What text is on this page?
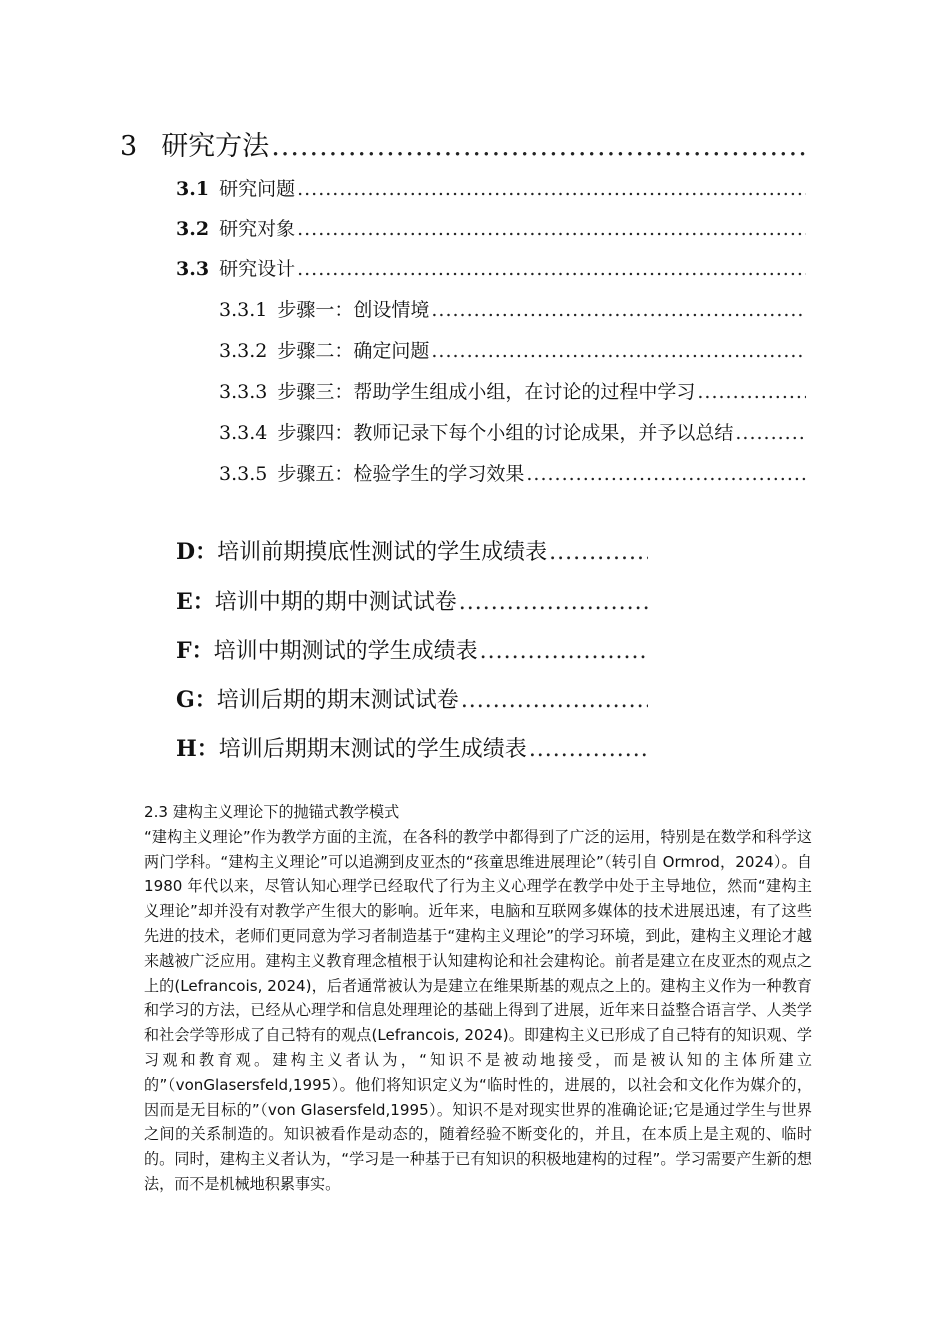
3 研究方法
.....
3.1 研究问题
.....
3.2 研究对象
.....
3.3 研究设计
.....
3.3.1 步骤一：创设情境
.....
3.3.2 步骤二：确定问题
.....
3.3.3 步骤三：帮助学生组成小组，在讨论的过程中学习
.....
3.3.4 步骤四：教师记录下每个小组的讨论成果，并予以总结
.....
3.3.5 步骤五：检验学生的学习效果
.....
D： 培训前期摸底性测试的学生成绩表
.....
E： 培训中期的期中测试试卷
.....
F： 培训中期测试的学生成绩表
.....
G： 培训后期的期末测试试卷
.....
H： 培训后期期末测试的学生成绩表
.....

2.3 建构主义理论下的抛锚式教学模式

“建构主义理论”作为教学方面的主流，在各科的教学中都得到了广泛的运用，特别是在数学和科学这两门学科。“建构主义理论”可以追溯到皮亚杰的“孩童思维进展理论”（转引自 Ormrod，2024）。自 1980 年代以来，尽管认知心理学已经取代了行为主义心理学在教学中处于主导地位，然而“建构主义理论”却并没有对教学产生很大的影响。近年来，电脑和互联网多媒体的技术进展迅速，有了这些先进的技术，老师们更同意为学习者制造基于“建构主义理论”的学习环境，到此，建构主义理论才越来越被广泛应用。建构主义教育理念植根于认知建构论和社会建构论。前者是建立在皮亚杰的观点之上的(Lefrancois, 2024)，后者通常被认为是建立在维果斯基的观点之上的。建构主义作为一种教育和学习的方法，已经从心理学和信息处理理论的基础上得到了进展，近年来日益整合语言学、人类学和社会学等形成了自己特有的观点(Lefrancois, 2024)。即建构主义已形成了自己特有的知识观、学习观和教育观。建构主义者认为，“知识不是被动地接受，而是被认知的主体所建立的”（vonGlasersfeld,1995）。他们将知识定义为“临时性的，进展的，以社会和文化作为媒介的，因而是无目标的”（von Glasersfeld,1995）。知识不是对现实世界的准确论证;它是通过学生与世界之间的关系制造的。知识被看作是动态的，随着经验不断变化的，并且，在本质上是主观的、临时的。同时，建构主义者认为，“学习是一种基于已有知识的积极地建构的过程”。学习需要产生新的想法，而不是机械地积累事实。
